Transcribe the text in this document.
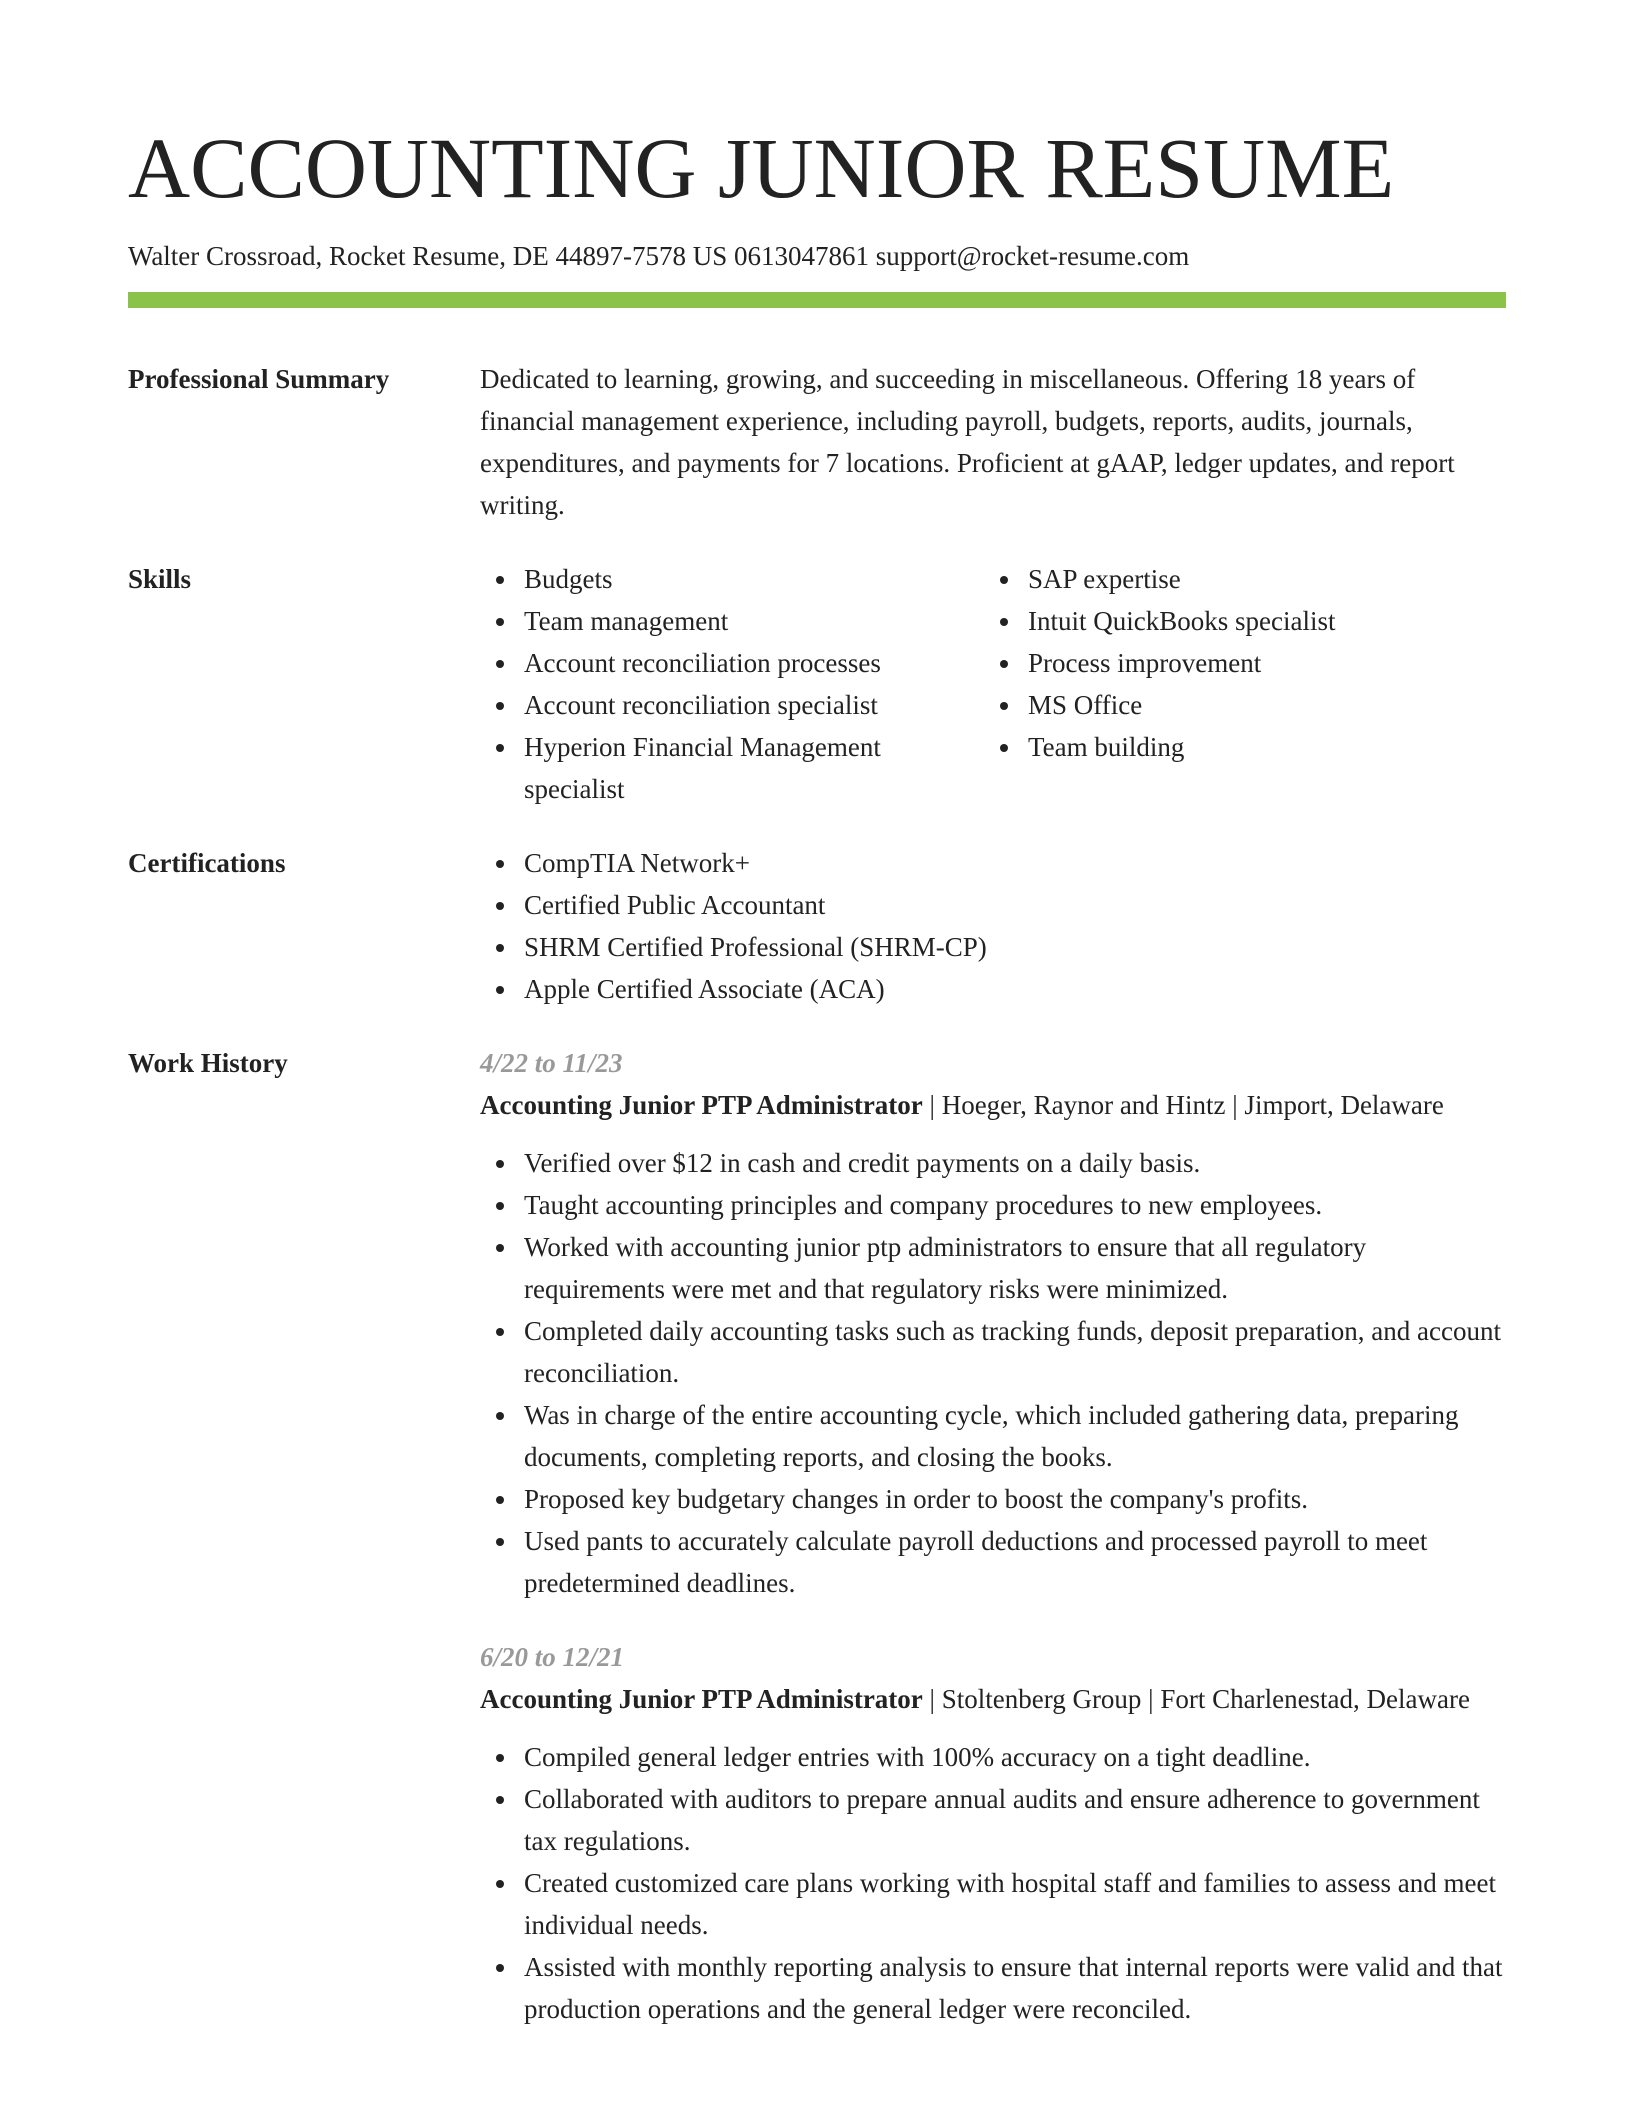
ACCOUNTING JUNIOR RESUME
Walter Crossroad, Rocket Resume, DE 44897-7578 US 0613047861 support@rocket-resume.com
Professional Summary	Dedicated to learning, growing, and succeeding in miscellaneous. Offering 18 years of financial management experience, including payroll, budgets, reports, audits, journals, expenditures, and payments for 7 locations. Proficient at gAAP, ledger updates, and report writing.
Skills	Budgets
Team management
Account reconciliation processes
Account reconciliation specialist
Hyperion Financial Management specialist
SAP expertise
Intuit QuickBooks specialist
Process improvement
MS Office
Team building
Certifications	CompTIA Network+
Certified Public Accountant
SHRM Certified Professional (SHRM-CP)
Apple Certified Associate (ACA)
Work History	4/22 to 11/23
Accounting Junior PTP Administrator | Hoeger, Raynor and Hintz | Jimport, Delaware
Verified over $12 in cash and credit payments on a daily basis.
Taught accounting principles and company procedures to new employees.
Worked with accounting junior ptp administrators to ensure that all regulatory requirements were met and that regulatory risks were minimized.
Completed daily accounting tasks such as tracking funds, deposit preparation, and account reconciliation.
Was in charge of the entire accounting cycle, which included gathering data, preparing documents, completing reports, and closing the books.
Proposed key budgetary changes in order to boost the company's profits.
Used pants to accurately calculate payroll deductions and processed payroll to meet predetermined deadlines.
6/20 to 12/21
Accounting Junior PTP Administrator | Stoltenberg Group | Fort Charlenestad, Delaware
Compiled general ledger entries with 100% accuracy on a tight deadline.
Collaborated with auditors to prepare annual audits and ensure adherence to government tax regulations.
Created customized care plans working with hospital staff and families to assess and meet individual needs.
Assisted with monthly reporting analysis to ensure that internal reports were valid and that production operations and the general ledger were reconciled.
